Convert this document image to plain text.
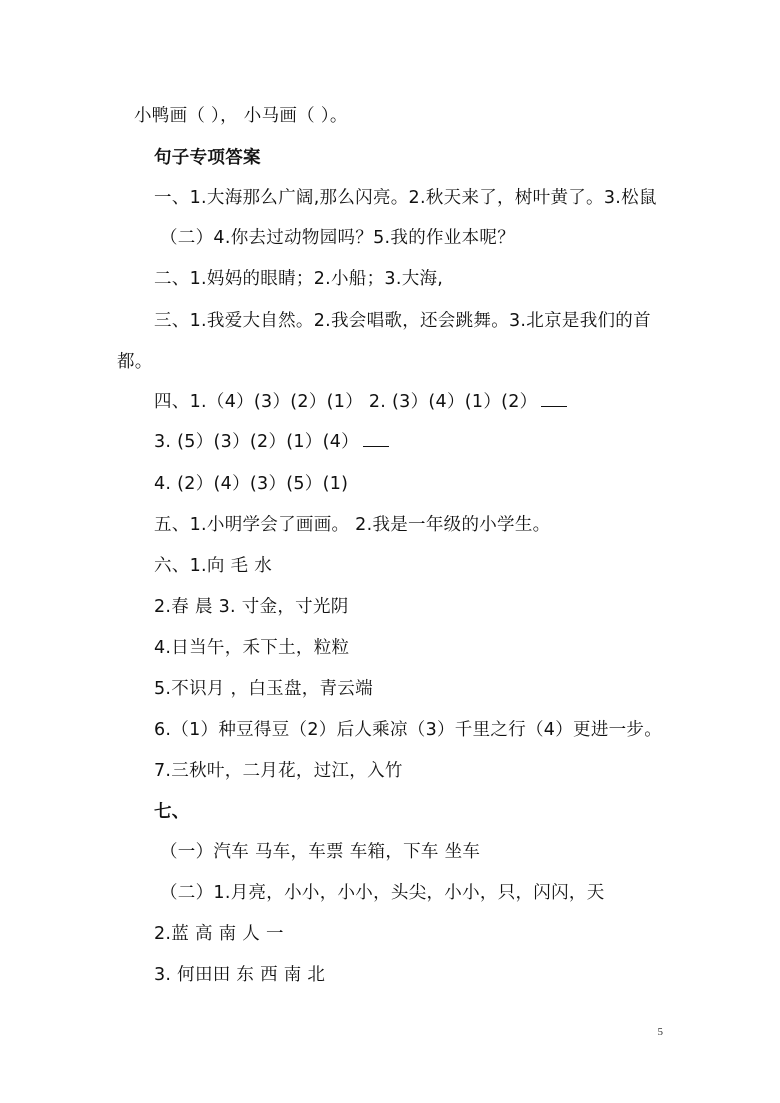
小鸭画（ ）， 小马画（ ）。
句子专项答案
一、1.大海那么广阔,那么闪亮。2.秋天来了，树叶黄了。3.松鼠
（二）4.你去过动物园吗？5.我的作业本呢？
二、1.妈妈的眼睛；2.小船；3.大海,
三、1.我爱大自然。2.我会唱歌，还会跳舞。3.北京是我们的首
都。
四、1.（4）(3）(2）(1） 2. (3）(4）(1）(2）
3. (5）(3）(2）(1）(4）
4. (2）(4）(3）(5）(1)
五、1.小明学会了画画。 2.我是一年级的小学生。
六、1.向 毛 水
2.春 晨 3. 寸金，寸光阴
4.日当午，禾下土，粒粒
5.不识月 ，白玉盘，青云端
6.（1）种豆得豆（2）后人乘凉（3）千里之行（4）更进一步。
7.三秋叶，二月花，过江，入竹
七、
（一）汽车 马车，车票 车箱，下车 坐车
（二）1.月亮，小小，小小，头尖，小小，只，闪闪，天
2.蓝 高 南 人 一
3. 何田田 东 西 南 北
5
